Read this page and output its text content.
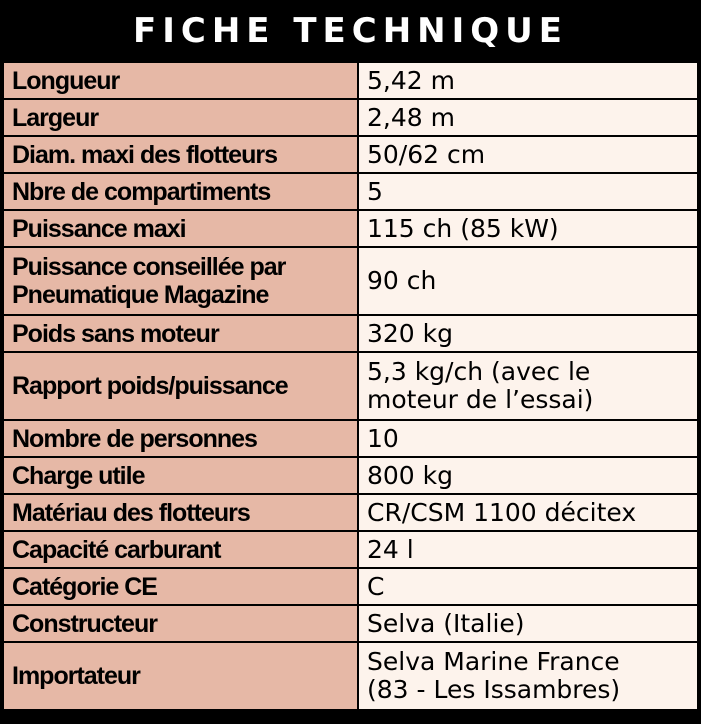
FICHE TECHNIQUE
Longueur	5,42 m
Largeur	2,48 m
Diam. maxi des flotteurs	50/62 cm
Nbre de compartiments	5
Puissance maxi	115 ch (85 kW)
Puissance conseillée par
Pneumatique Magazine	90 ch
Poids sans moteur	320 kg
Rapport poids/puissance	5,3 kg/ch (avec le
moteur de l’essai)
Nombre de personnes	10
Charge utile	800 kg
Matériau des flotteurs	CR/CSM 1100 décitex
Capacité carburant	24 l
Catégorie CE	C
Constructeur	Selva (Italie)
Importateur	Selva Marine France
(83 - Les Issambres)
